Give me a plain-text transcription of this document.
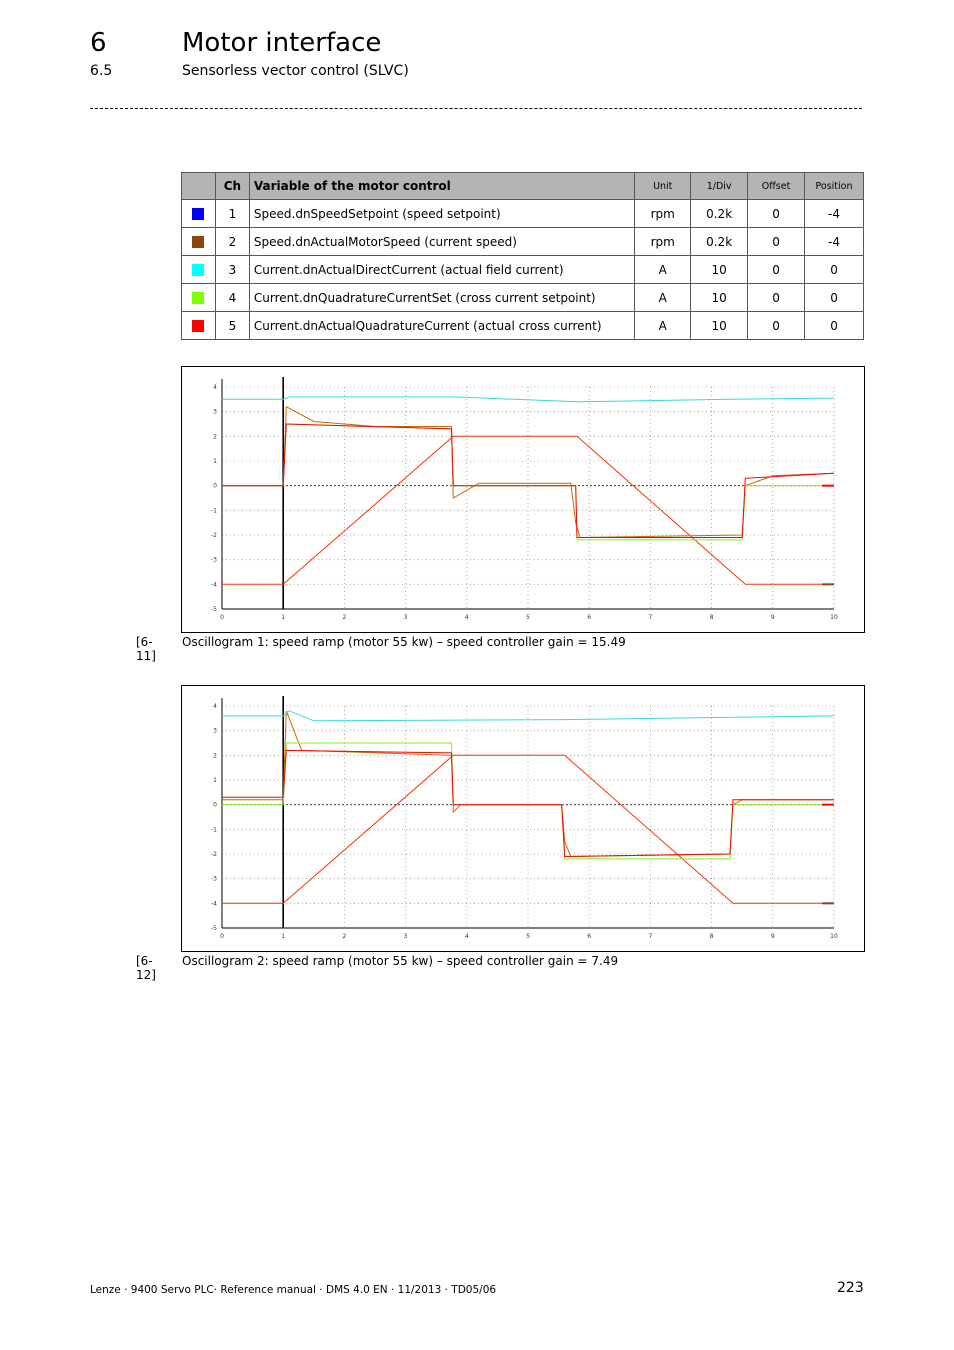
6	Motor interface
6.5	Sensorless vector control (SLVC)
	Ch	Variable of the motor control	Unit	1/Div	Offset	Position
	1	Speed.dnSpeedSetpoint (speed setpoint)	rpm	0.2k	0	-4
	2	Speed.dnActualMotorSpeed (current speed)	rpm	0.2k	0	-4
	3	Current.dnActualDirectCurrent (actual field current)	A	10	0	0
	4	Current.dnQuadratureCurrentSet (cross current setpoint)	A	10	0	0
	5	Current.dnActualQuadratureCurrent (actual cross current)	A	10	0	0
0	1	2	3	4	5	6	7	8	9	10
4
3
2
1
0
-1
-2
-3
-4
-5
[6-11]
Oscillogram 1: speed ramp (motor 55 kw) – speed controller gain = 15.49
0	1	2	3	4	5	6	7	8	9	10
4
3
2
1
0
-1
-2
-3
-4
-5
[6-12]
Oscillogram 2: speed ramp (motor 55 kw) – speed controller gain = 7.49
Lenze · 9400 Servo PLC· Reference manual · DMS 4.0 EN · 11/2013 · TD05/06	223
